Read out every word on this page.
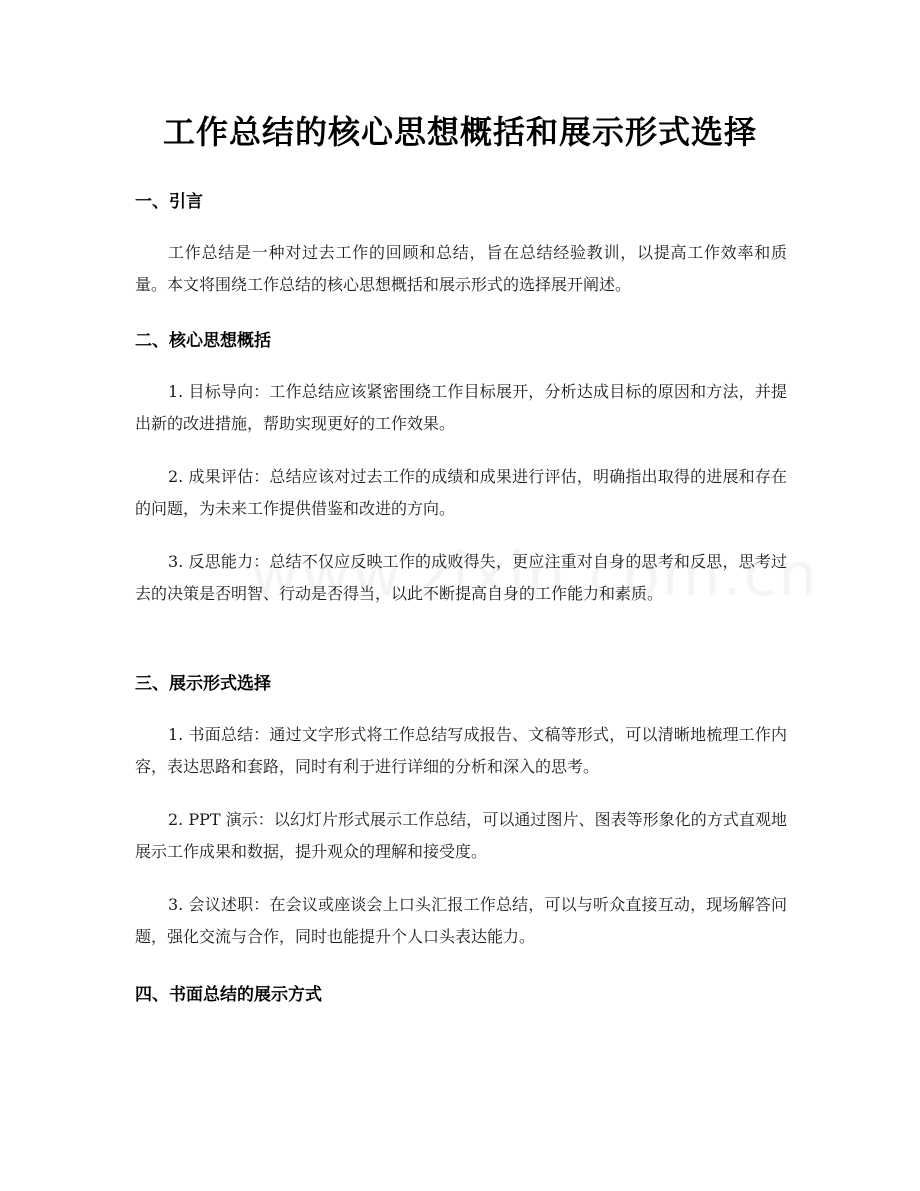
工作总结的核心思想概括和展示形式选择
一、引言

工作总结是一种对过去工作的回顾和总结，旨在总结经验教训，以提高工作效率和质量。本文将围绕工作总结的核心思想概括和展示形式的选择展开阐述。

二、核心思想概括

1. 目标导向：工作总结应该紧密围绕工作目标展开，分析达成目标的原因和方法，并提出新的改进措施，帮助实现更好的工作效果。

2. 成果评估：总结应该对过去工作的成绩和成果进行评估，明确指出取得的进展和存在的问题，为未来工作提供借鉴和改进的方向。

3. 反思能力：总结不仅应反映工作的成败得失，更应注重对自身的思考和反思，思考过去的决策是否明智、行动是否得当，以此不断提高自身的工作能力和素质。

三、展示形式选择

1. 书面总结：通过文字形式将工作总结写成报告、文稿等形式，可以清晰地梳理工作内容，表达思路和套路，同时有利于进行详细的分析和深入的思考。

2. PPT 演示：以幻灯片形式展示工作总结，可以通过图片、图表等形象化的方式直观地展示工作成果和数据，提升观众的理解和接受度。

3. 会议述职：在会议或座谈会上口头汇报工作总结，可以与听众直接互动，现场解答问题，强化交流与合作，同时也能提升个人口头表达能力。

四、书面总结的展示方式
